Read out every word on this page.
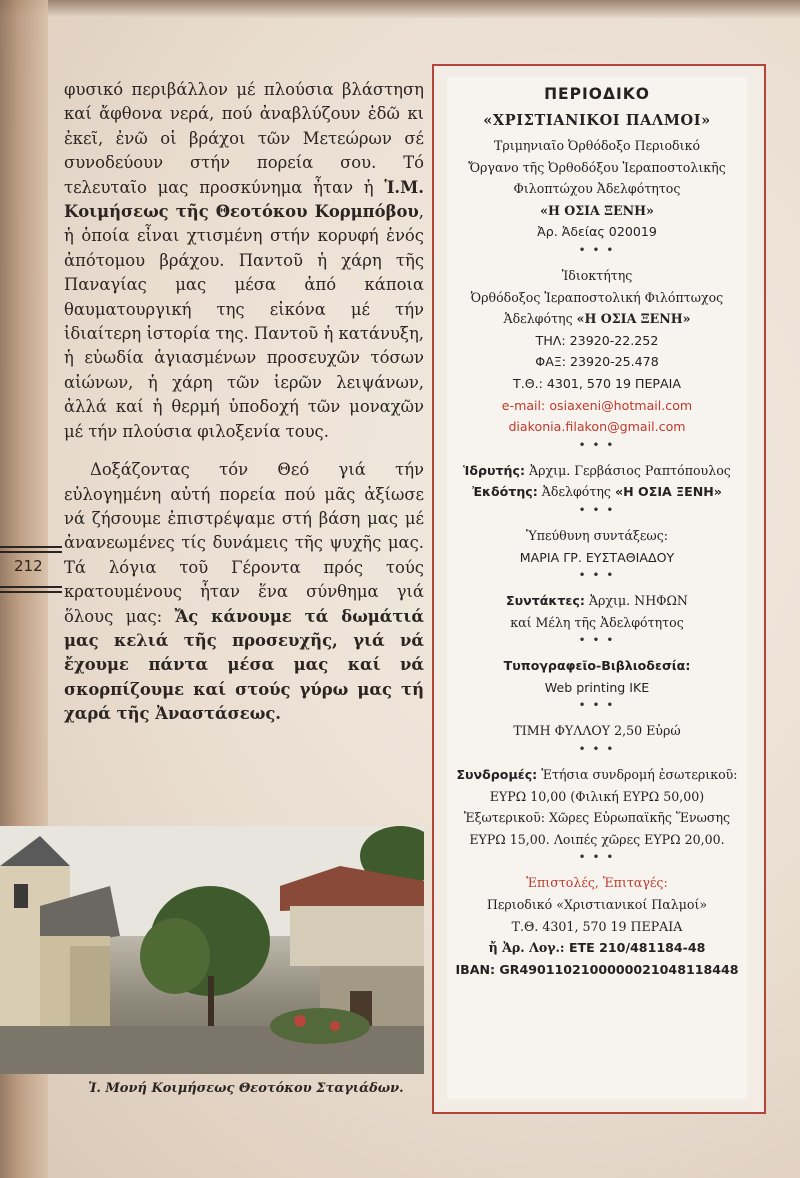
φυσικό περιβάλλον μέ πλούσια βλάστηση καί ἄφθονα νερά, πού ἀναβλύζουν ἐδῶ κι ἐκεῖ, ἐνῶ οἱ βράχοι τῶν Μετεώρων σέ συνοδεύουν στήν πορεία σου. Τό τελευταῖο μας προσκύνημα ἦταν ἡ Ἱ.Μ. Κοιμήσεως τῆς Θεοτόκου Κορμπόβου, ἡ ὁποία εἶναι χτισμένη στήν κορυφή ἑνός ἀπότομου βράχου. Παντοῦ ἡ χάρη τῆς Παναγίας μας μέσα ἀπό κάποια θαυματουργική της εἰκόνα μέ τήν ἰδιαίτερη ἱστορία της. Παντοῦ ἡ κατάνυξη, ἡ εὐωδία ἁγιασμένων προσευχῶν τόσων αἰώνων, ἡ χάρη τῶν ἱερῶν λειψάνων, ἀλλά καί ἡ θερμή ὑποδοχή τῶν μοναχῶν μέ τήν πλούσια φιλοξενία τους.

Δοξάζοντας τόν Θεό γιά τήν εὐλογημένη αὐτή πορεία πού μᾶς ἀξίωσε νά ζήσουμε ἐπιστρέψαμε στή βάση μας μέ ἀνανεωμένες τίς δυνάμεις τῆς ψυχῆς μας. Τά λόγια τοῦ Γέροντα πρός τούς κρατουμένους ἦταν ἕνα σύνθημα γιά ὅλους μας: Ἄς κάνουμε τά δωμάτιά μας κελιά τῆς προσευχῆς, γιά νά ἔχουμε πάντα μέσα μας καί νά σκορπίζουμε καί στούς γύρω μας τή χαρά τῆς Ἀναστάσεως.

212
Ἱ. Μονή Κοιμήσεως Θεοτόκου Σταγιάδων.
ΠΕΡΙΟΔΙΚΟ
«ΧΡΙΣΤΙΑΝΙΚΟΙ ΠΑΛΜΟΙ»
Τριμηνιαῖο Ὀρθόδοξο Περιοδικό
Ὄργανο τῆς Ὀρθοδόξου Ἱεραποστολικῆς
Φιλοπτώχου Ἀδελφότητος
«Η ΟΣΙΑ ΞΕΝΗ»
Ἀρ. Ἀδείας 020019
• • •
Ἰδιοκτήτης
Ὀρθόδοξος Ἱεραποστολική Φιλόπτωχος
Ἀδελφότης «Η ΟΣΙΑ ΞΕΝΗ»
ΤΗΛ: 23920-22.252
ΦΑΞ: 23920-25.478
Τ.Θ.: 4301, 570 19 ΠΕΡΑΙΑ
e-mail: osiaxeni@hotmail.com
diakonia.filakon@gmail.com
• • •
Ἱδρυτής: Ἀρχιμ. Γερβάσιος Ραπτόπουλος
Ἐκδότης: Ἀδελφότης «Η ΟΣΙΑ ΞΕΝΗ»
• • •
Ὑπεύθυνη συντάξεως:
ΜΑΡΙΑ ΓΡ. ΕΥΣΤΑΘΙΑΔΟΥ
• • •
Συντάκτες: Ἀρχιμ. ΝΗΦΩΝ
καί Μέλη τῆς Ἀδελφότητος
• • •
Τυπογραφεῖο-Βιβλιοδεσία:
Web printing IKE
• • •
ΤΙΜΗ ΦΥΛΛΟΥ 2,50 Εὐρώ
• • •
Συνδρομές: Ἐτήσια συνδρομή ἐσωτερικοῦ:
ΕΥΡΩ 10,00 (Φιλική ΕΥΡΩ 50,00)
Ἐξωτερικοῦ: Χῶρες Εὐρωπαϊκῆς Ἕνωσης
ΕΥΡΩ 15,00. Λοιπές χῶρες ΕΥΡΩ 20,00.
• • •
Ἐπιστολές, Ἐπιταγές:
Περιοδικό «Χριστιανικοί Παλμοί»
Τ.Θ. 4301, 570 19 ΠΕΡΑΙΑ
ἤ Ἀρ. Λογ.: ΕΤΕ 210/481184-48
IBAN: GR4901102100000021048118448
